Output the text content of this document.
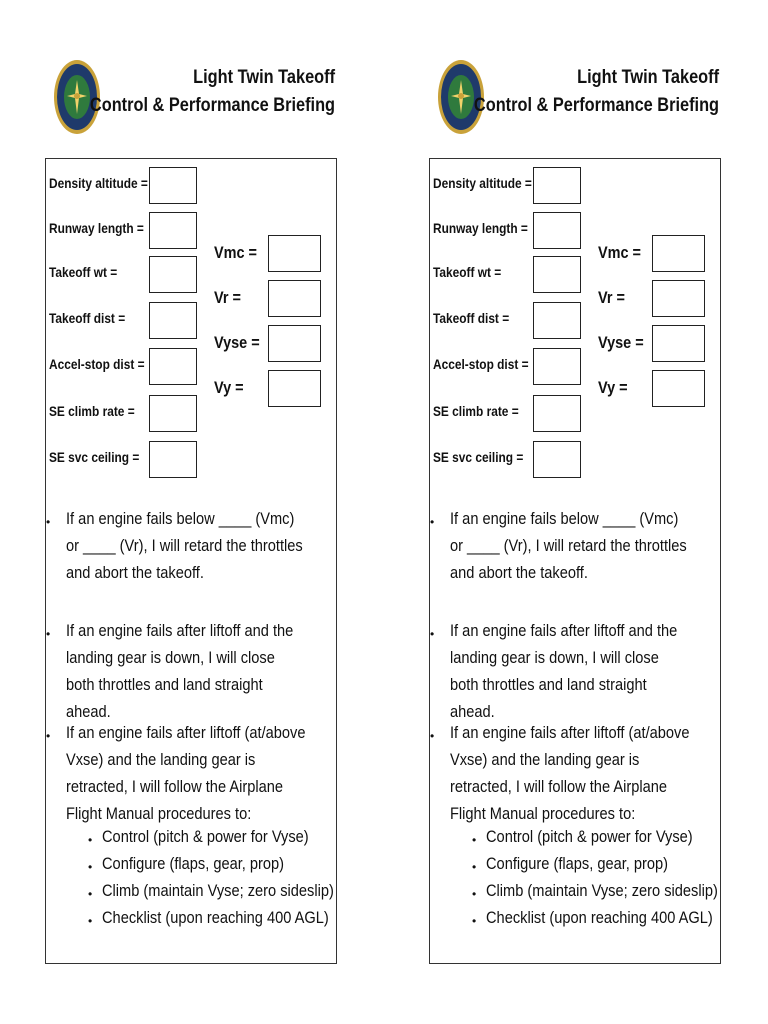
Light Twin Takeoff
Control & Performance Briefing
Density altitude =
Runway length =
Takeoff wt =
Takeoff dist =
Accel-stop dist =
SE climb rate =
SE svc ceiling =
Vmc =
Vr =
Vyse =
Vy =
• If an engine fails below ____ (Vmc) or ____ (Vr), I will retard the throttles and abort the takeoff.
• If an engine fails after liftoff and the landing gear is down, I will close both throttles and land straight ahead.
• If an engine fails after liftoff (at/above Vxse) and the landing gear is retracted, I will follow the Airplane Flight Manual procedures to:
• Control (pitch & power for Vyse)
• Configure (flaps, gear, prop)
• Climb (maintain Vyse; zero sideslip)
• Checklist (upon reaching 400 AGL)
Light Twin Takeoff
Control & Performance Briefing
Density altitude =
Runway length =
Takeoff wt =
Takeoff dist =
Accel-stop dist =
SE climb rate =
SE svc ceiling =
Vmc =
Vr =
Vyse =
Vy =
• If an engine fails below ____ (Vmc) or ____ (Vr), I will retard the throttles and abort the takeoff.
• If an engine fails after liftoff and the landing gear is down, I will close both throttles and land straight ahead.
• If an engine fails after liftoff (at/above Vxse) and the landing gear is retracted, I will follow the Airplane Flight Manual procedures to:
• Control (pitch & power for Vyse)
• Configure (flaps, gear, prop)
• Climb (maintain Vyse; zero sideslip)
• Checklist (upon reaching 400 AGL)
